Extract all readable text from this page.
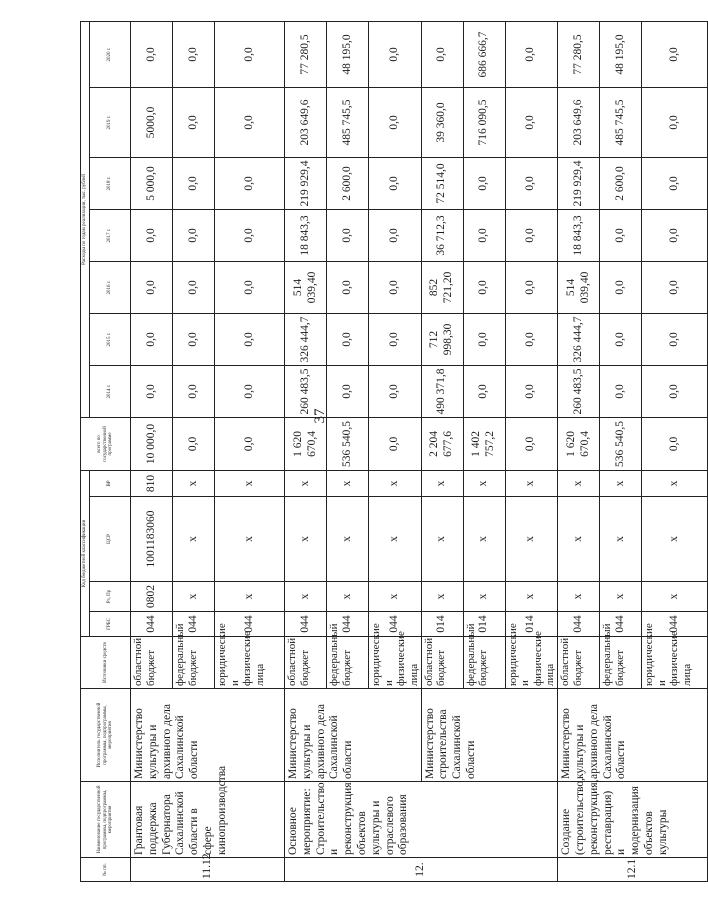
37
№ пп.	Наименование государственной программы, подпрограммы, мероприятия	Исполнитель государственной программы, подпрограммы, мероприятия	Источники средств	Код бюджетной классификации				всего по государственной программе	Расходы по годам реализации, тыс. рублей						
				ГРБС	Рз, Пр	ЦСР	ВР		2014 г.	2015 г.	2016 г.	2017 г.	2018 г.	2019 г.	2020 г.
11.12	Грантовая поддержка Губернатора Сахалинской области в сфере кинопроизводства	Министерство культуры и архивного дела Сахалинской области	областной бюджет	044	0802	1001183060	810	10 000,0	0,0	0,0	0,0	0,0	5 000,0	5000,0	0,0
			федеральный бюджет	044	x	x	x	0,0	0,0	0,0	0,0	0,0	0,0	0,0	0,0
			юридические и физические лица	044	x	x	x	0,0	0,0	0,0	0,0	0,0	0,0	0,0	0,0
12.	Основное мероприятие: Строительство и реконструкция объектов культуры и отраслевого образования	Министерство культуры и архивного дела Сахалинской области	областной бюджет	044	x	x	x	1 620 670,4	260 483,5	326 444,7	514 039,40	18 843,3	219 929,4	203 649,6	77 280,5
			федеральный бюджет	044	x	x	x	536 540,5	0,0	0,0	0,0	0,0	2 600,0	485 745,5	48 195,0
			юридические и физические лица	044	x	x	x	0,0	0,0	0,0	0,0	0,0	0,0	0,0	0,0
		Министерство строительства Сахалинской области	областной бюджет	014	x	x	x	2 204 677,6	490 371,8	712 998,30	852 721,20	36 712,3	72 514,0	39 360,0	0,0
			федеральный бюджет	014	x	x	x	1 402 757,2	0,0	0,0	0,0	0,0	0,0	716 090,5	686 666,7
			юридические и физические лица	014	x	x	x	0,0	0,0	0,0	0,0	0,0	0,0	0,0	0,0
12.1	Создание (строительство, реконструкция, реставрация) и модернизация объектов культуры	Министерство культуры и архивного дела Сахалинской области	областной бюджет	044	x	x	x	1 620 670,4	260 483,5	326 444,7	514 039,40	18 843,3	219 929,4	203 649,6	77 280,5
			федеральный бюджет	044	x	x	x	536 540,5	0,0	0,0	0,0	0,0	2 600,0	485 745,5	48 195,0
			юридические и физические лица	044	x	x	x	0,0	0,0	0,0	0,0	0,0	0,0	0,0	0,0
